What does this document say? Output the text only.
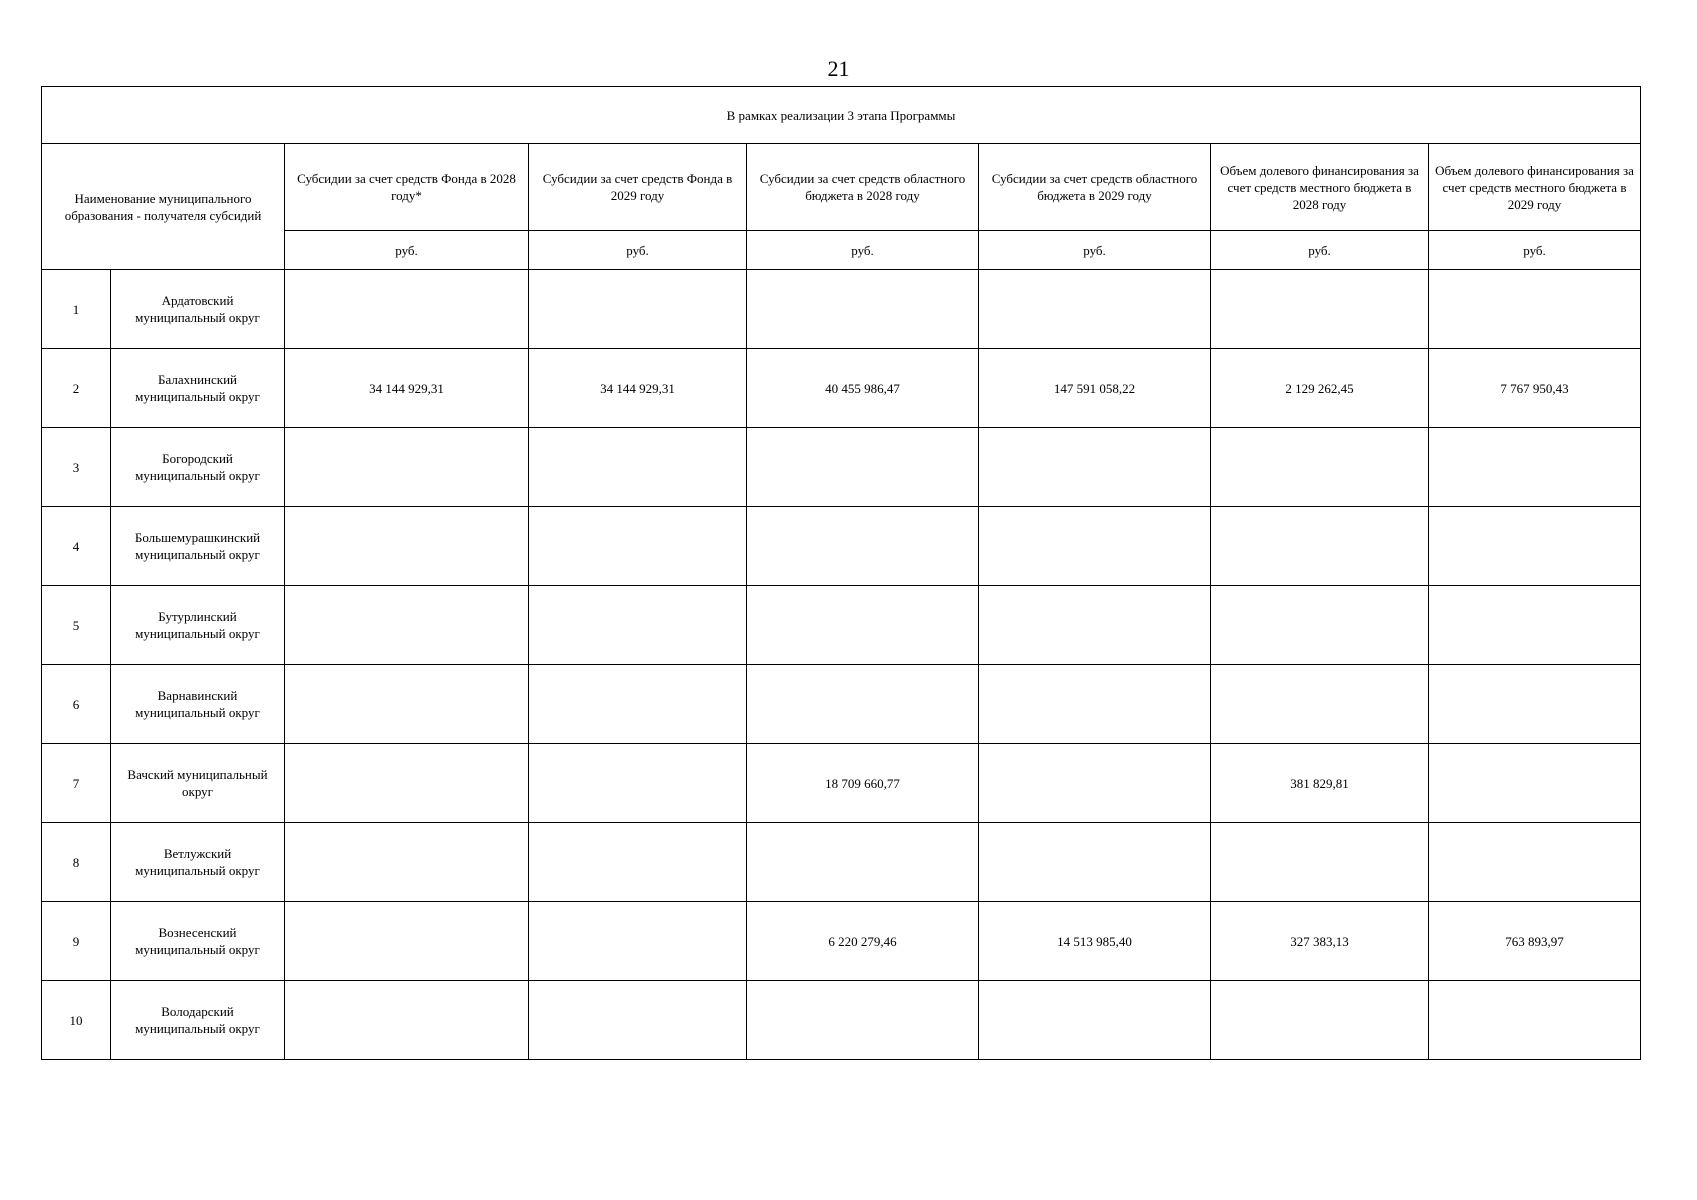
21
В рамках реализации 3 этапа Программы							
Наименование муниципального образования - получателя субсидий		Субсидии за счет средств Фонда в 2028 году*	Субсидии за счет средств Фонда в 2029 году	Субсидии за счет средств областного бюджета в 2028 году	Субсидии за счет средств областного бюджета в 2029 году	Объем долевого финансирования за счет средств местного бюджета в 2028 году	Объем долевого финансирования за счет средств местного бюджета в 2029 году
		руб.	руб.	руб.	руб.	руб.	руб.
1	Ардатовский муниципальный округ						
2	Балахнинский муниципальный округ	34 144 929,31	34 144 929,31	40 455 986,47	147 591 058,22	2 129 262,45	7 767 950,43
3	Богородский муниципальный округ						
4	Большемурашкинский муниципальный округ						
5	Бутурлинский муниципальный округ						
6	Варнавинский муниципальный округ						
7	Вачский муниципальный округ			18 709 660,77		381 829,81	
8	Ветлужский муниципальный округ						
9	Вознесенский муниципальный округ			6 220 279,46	14 513 985,40	327 383,13	763 893,97
10	Володарский муниципальный округ						
